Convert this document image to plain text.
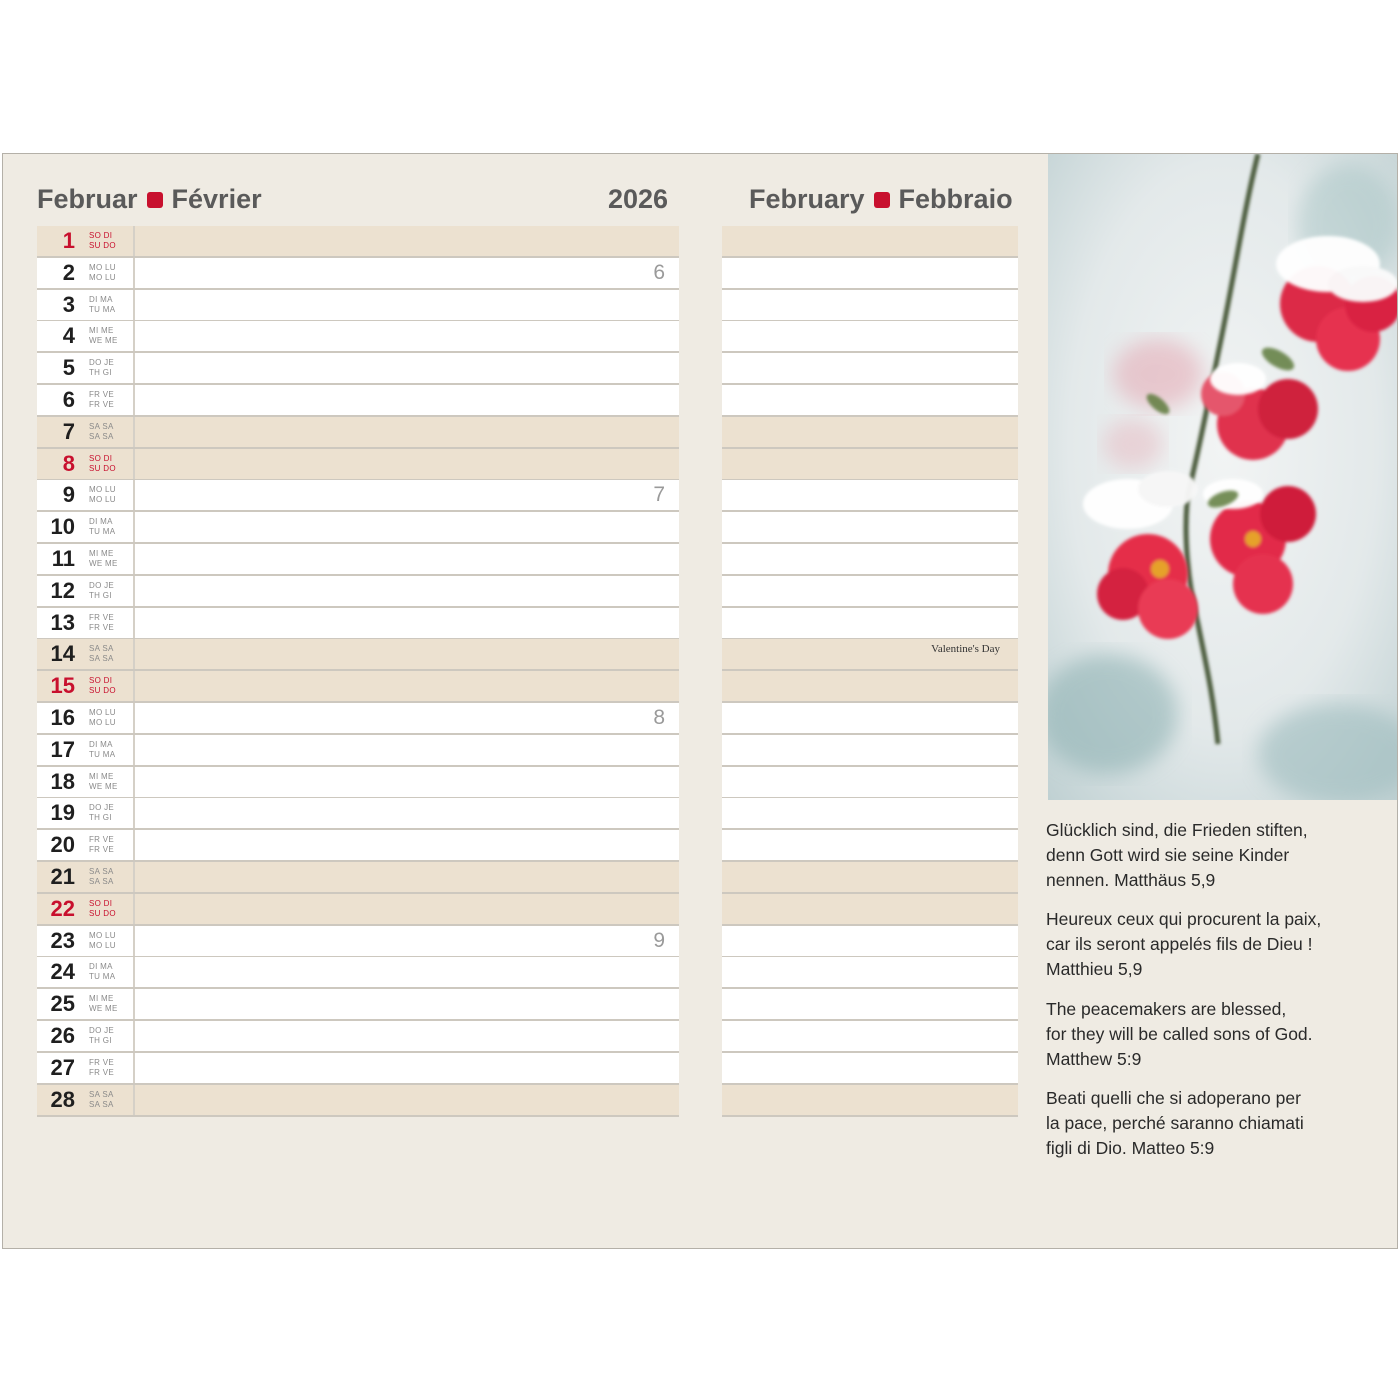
Februar Février	2026	February Febbraio
1 SO DI
SU DO
2 MO LU
MO LU	6
3 DI MA
TU MA
4 MI ME
WE ME
5 DO JE
TH GI
6 FR VE
FR VE
7 SA SA
SA SA
8 SO DI
SU DO
9 MO LU
MO LU	7
10 DI MA
TU MA
11 MI ME
WE ME
12 DO JE
TH GI
13 FR VE
FR VE
14 SA SA
SA SA
Valentine's Day
15 SO DI
SU DO
16 MO LU
MO LU	8
17 DI MA
TU MA
18 MI ME
WE ME
19 DO JE
TH GI
20 FR VE
FR VE
21 SA SA
SA SA
22 SO DI
SU DO
23 MO LU
MO LU	9
24 DI MA
TU MA
25 MI ME
WE ME
26 DO JE
TH GI
27 FR VE
FR VE
28 SA SA
SA SA
Glücklich sind, die Frieden stiften,
denn Gott wird sie seine Kinder
nennen. Matthäus 5,9
Heureux ceux qui procurent la paix,
car ils seront appelés fils de Dieu !
Matthieu 5,9
The peacemakers are blessed,
for they will be called sons of God.
Matthew 5:9
Beati quelli che si adoperano per
la pace, perché saranno chiamati
figli di Dio. Matteo 5:9
